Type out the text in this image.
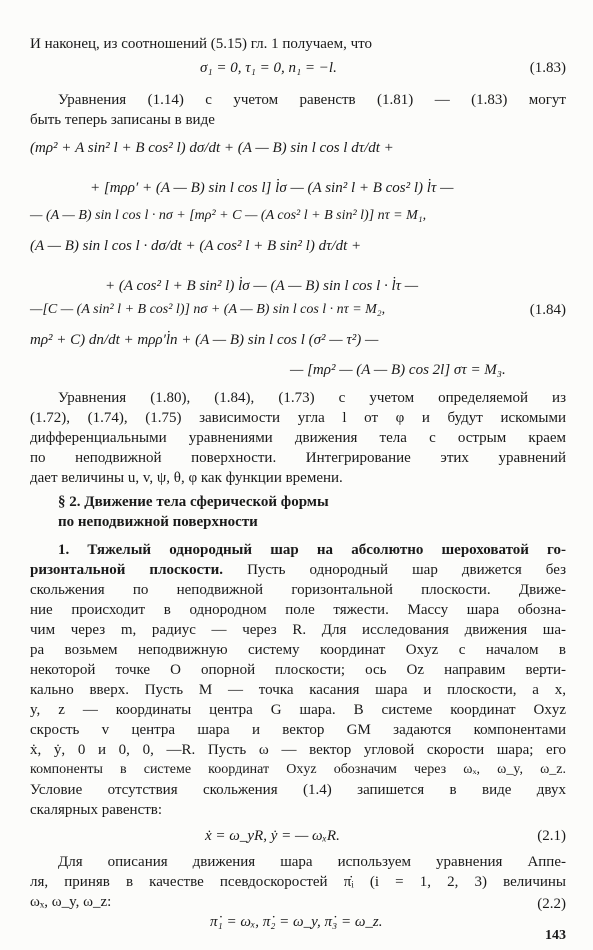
И наконец, из соотношений (5.15) гл. 1 получаем, что
σ₁ = 0, τ₁ = 0, n₁ = −l.	(1.83)
Уравнения (1.14) с учетом равенств (1.81) — (1.83) могут
быть теперь записаны в виде
(mρ² + A sin² l + B cos² l) dσ/dt + (A — B) sin l cos l dτ/dt +
+ [mρρ′ + (A — B) sin l cos l] l̇σ — (A sin² l + B cos² l) l̇τ —
— (A — B) sin l cos l · nσ + [mρ² + C — (A cos² l + B sin² l)] nτ = M₁,
(A — B) sin l cos l · dσ/dt + (A cos² l + B sin² l) dτ/dt +
+ (A cos² l + B sin² l) l̇σ — (A — B) sin l cos l · l̇τ —
—[C — (A sin² l + B cos² l)] nσ + (A — B) sin l cos l · nτ = M₂,	(1.84)
mρ² + C) dn/dt + mρρ′l̇n + (A — B) sin l cos l (σ² — τ²) —
— [mρ² — (A — B) cos 2l] στ = M₃.
Уравнения (1.80), (1.84), (1.73) с учетом определяемой из
(1.72), (1.74), (1.75) зависимости угла l от φ и будут искомыми
дифференциальными уравнениями движения тела с острым краем
по неподвижной поверхности. Интегрирование этих уравнений
дает величины u, v, ψ, θ, φ как функции времени.
§ 2. Движение тела сферической формы
по неподвижной поверхности
1. Тяжелый однородный шар на абсолютно шероховатой го-
ризонтальной плоскости. Пусть однородный шар движется без
скольжения по неподвижной горизонтальной плоскости. Движе-
ние происходит в однородном поле тяжести. Массу шара обозна-
чим через m, радиус — через R. Для исследования движения ша-
ра возьмем неподвижную систему координат Oxyz с началом в
некоторой точке O опорной плоскости; ось Oz направим верти-
кально вверх. Пусть M — точка касания шара и плоскости, а x,
y, z — координаты центра G шара. В системе координат Oxyz
скрость v центра шара и вектор GM задаются компонентами
ẋ, ẏ, 0 и 0, 0, —R. Пусть ω — вектор угловой скорости шара; его
компоненты в системе координат Oxyz обозначим через ωₓ, ω_y, ω_z.
Условие отсутствия скольжения (1.4) запишется в виде двух
скалярных равенств:
ẋ = ω_yR, ẏ = — ωₓR.	(2.1)
Для описания движения шара используем уравнения Аппе-
ля, приняв в качестве псевдоскоростей π̇ᵢ (i = 1, 2, 3) величины
ωₓ, ω_y, ω_z:
π̇₁ = ωₓ, π̇₂ = ω_y, π̇₃ = ω_z.
(2.2)
143
